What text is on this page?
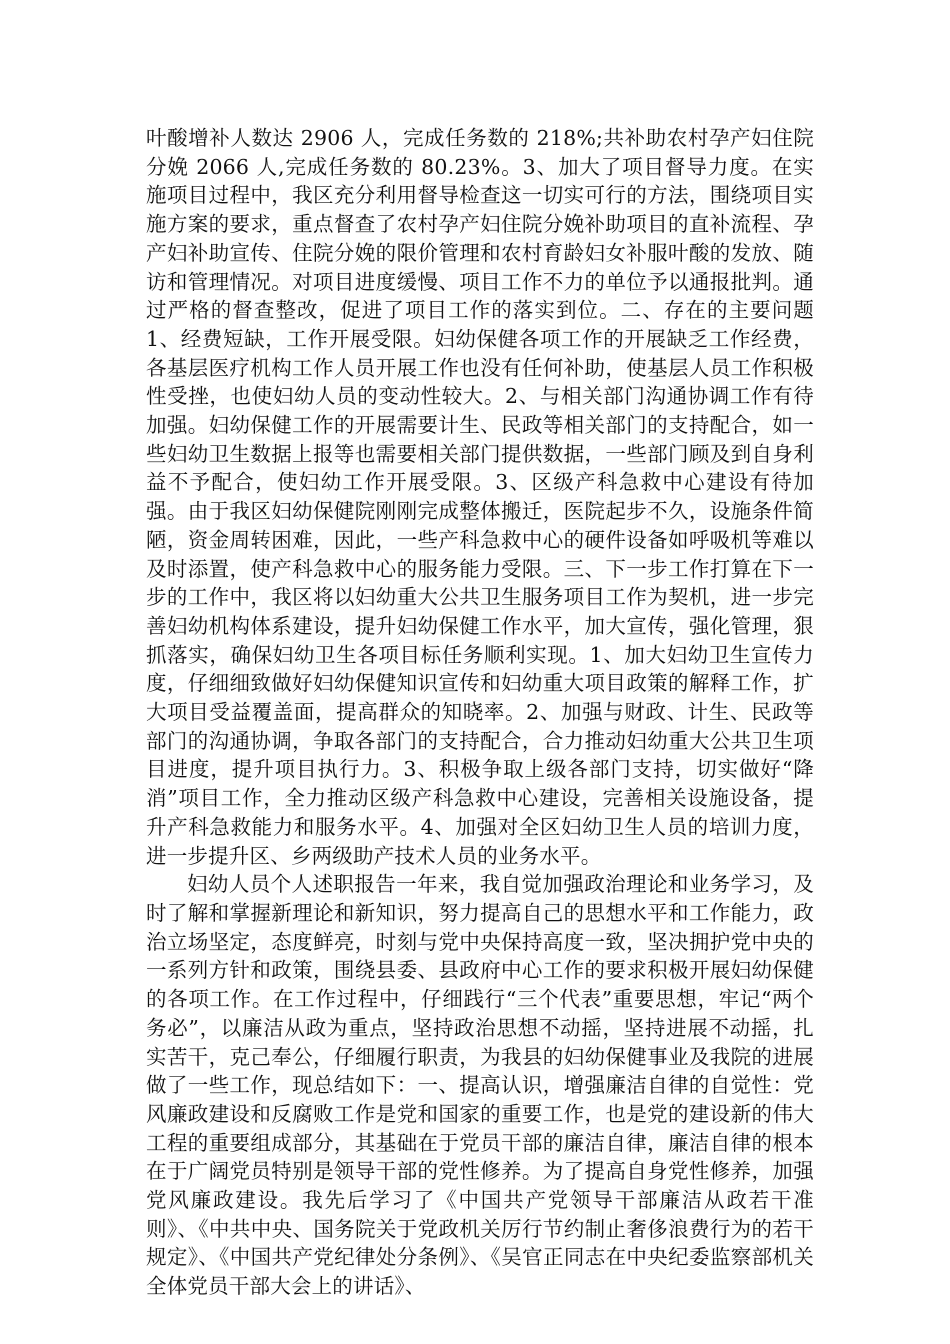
叶酸增补人数达 2906 人，完成任务数的 218%;共补助农村孕产妇住院分娩 2066 人,完成任务数的 80.23%。3、加大了项目督导力度。在实施项目过程中，我区充分利用督导检查这一切实可行的方法，围绕项目实施方案的要求，重点督查了农村孕产妇住院分娩补助项目的直补流程、孕产妇补助宣传、住院分娩的限价管理和农村育龄妇女补服叶酸的发放、随访和管理情况。对项目进度缓慢、项目工作不力的单位予以通报批判。通过严格的督查整改，促进了项目工作的落实到位。二、存在的主要问题 1、经费短缺，工作开展受限。妇幼保健各项工作的开展缺乏工作经费，各基层医疗机构工作人员开展工作也没有任何补助，使基层人员工作积极性受挫，也使妇幼人员的变动性较大。2、与相关部门沟通协调工作有待加强。妇幼保健工作的开展需要计生、民政等相关部门的支持配合，如一些妇幼卫生数据上报等也需要相关部门提供数据，一些部门顾及到自身利益不予配合，使妇幼工作开展受限。3、区级产科急救中心建设有待加强。由于我区妇幼保健院刚刚完成整体搬迁，医院起步不久，设施条件简陋，资金周转困难，因此，一些产科急救中心的硬件设备如呼吸机等难以及时添置，使产科急救中心的服务能力受限。三、下一步工作打算在下一步的工作中，我区将以妇幼重大公共卫生服务项目工作为契机，进一步完善妇幼机构体系建设，提升妇幼保健工作水平，加大宣传，强化管理，狠抓落实，确保妇幼卫生各项目标任务顺利实现。1、加大妇幼卫生宣传力度，仔细细致做好妇幼保健知识宣传和妇幼重大项目政策的解释工作，扩大项目受益覆盖面，提高群众的知晓率。2、加强与财政、计生、民政等部门的沟通协调，争取各部门的支持配合，合力推动妇幼重大公共卫生项目进度，提升项目执行力。3、积极争取上级各部门支持，切实做好“降消”项目工作，全力推动区级产科急救中心建设，完善相关设施设备，提升产科急救能力和服务水平。4、加强对全区妇幼卫生人员的培训力度，进一步提升区、乡两级助产技术人员的业务水平。

妇幼人员个人述职报告一年来，我自觉加强政治理论和业务学习，及时了解和掌握新理论和新知识，努力提高自己的思想水平和工作能力，政治立场坚定，态度鲜亮，时刻与党中央保持高度一致，坚决拥护党中央的一系列方针和政策，围绕县委、县政府中心工作的要求积极开展妇幼保健的各项工作。在工作过程中，仔细践行“三个代表”重要思想，牢记“两个务必”，以廉洁从政为重点，坚持政治思想不动摇，坚持进展不动摇，扎实苦干，克己奉公，仔细履行职责，为我县的妇幼保健事业及我院的进展做了一些工作，现总结如下：一、提高认识，增强廉洁自律的自觉性：党风廉政建设和反腐败工作是党和国家的重要工作，也是党的建设新的伟大工程的重要组成部分，其基础在于党员干部的廉洁自律，廉洁自律的根本在于广阔党员特别是领导干部的党性修养。为了提高自身党性修养，加强党风廉政建设。我先后学习了《中国共产党领导干部廉洁从政若干准则》、《中共中央、国务院关于党政机关厉行节约制止奢侈浪费行为的若干规定》、《中国共产党纪律处分条例》、《吴官正同志在中央纪委监察部机关全体党员干部大会上的讲话》、
